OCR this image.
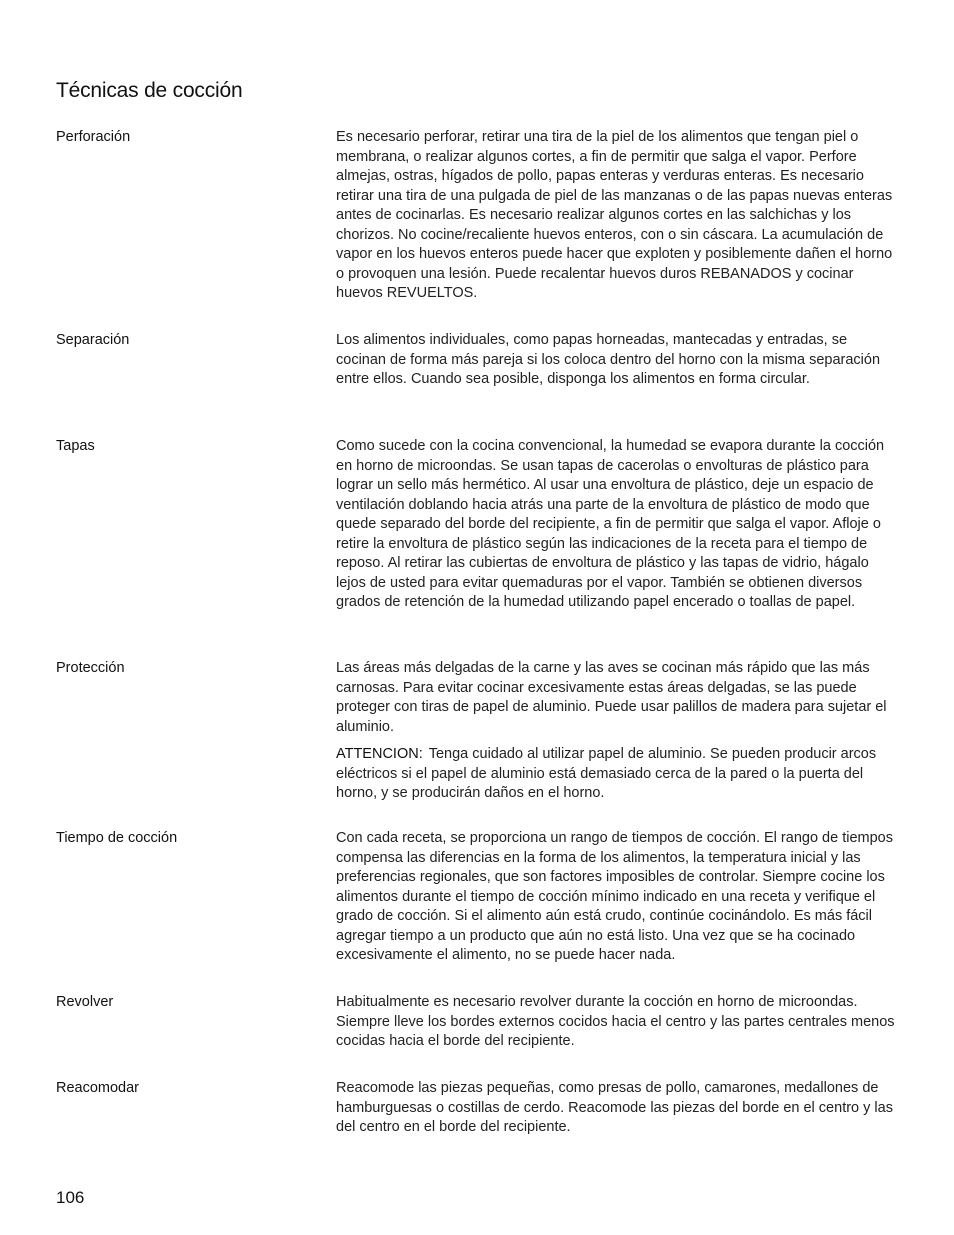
Técnicas de cocción
Perforación	Es necesario perforar, retirar una tira de la piel de los alimentos que tengan piel o membrana, o realizar algunos cortes, a fin de permitir que salga el vapor. Perfore almejas, ostras, hígados de pollo, papas enteras y verduras enteras. Es necesario retirar una tira de una pulgada de piel de las manzanas o de las papas nuevas enteras antes de cocinarlas. Es necesario realizar algunos cortes en las salchichas y los chorizos. No cocine/recaliente huevos enteros, con o sin cáscara. La acumulación de vapor en los huevos enteros puede hacer que exploten y posiblemente dañen el horno o provoquen una lesión. Puede recalentar huevos duros REBANADOS y cocinar huevos REVUELTOS.

Separación	Los alimentos individuales, como papas horneadas, mantecadas y entradas, se cocinan de forma más pareja si los coloca dentro del horno con la misma separación entre ellos. Cuando sea posible, disponga los alimentos en forma circular.

Tapas	Como sucede con la cocina convencional, la humedad se evapora durante la cocción en horno de microondas. Se usan tapas de cacerolas o envolturas de plástico para lograr un sello más hermético. Al usar una envoltura de plástico, deje un espacio de ventilación doblando hacia atrás una parte de la envoltura de plástico de modo que quede separado del borde del recipiente, a fin de permitir que salga el vapor. Afloje o retire la envoltura de plástico según las indicaciones de la receta para el tiempo de reposo. Al retirar las cubiertas de envoltura de plástico y las tapas de vidrio, hágalo lejos de usted para evitar quemaduras por el vapor. También se obtienen diversos grados de retención de la humedad utilizando papel encerado o toallas de papel.

Protección	Las áreas más delgadas de la carne y las aves se cocinan más rápido que las más carnosas. Para evitar cocinar excesivamente estas áreas delgadas, se las puede proteger con tiras de papel de aluminio. Puede usar palillos de madera para sujetar el aluminio.

ATTENCION: Tenga cuidado al utilizar papel de aluminio. Se pueden producir arcos eléctricos si el papel de aluminio está demasiado cerca de la pared o la puerta del horno, y se producirán daños en el horno.

Tiempo de cocción	Con cada receta, se proporciona un rango de tiempos de cocción. El rango de tiempos compensa las diferencias en la forma de los alimentos, la temperatura inicial y las preferencias regionales, que son factores imposibles de controlar. Siempre cocine los alimentos durante el tiempo de cocción mínimo indicado en una receta y verifique el grado de cocción. Si el alimento aún está crudo, continúe cocinándolo. Es más fácil agregar tiempo a un producto que aún no está listo. Una vez que se ha cocinado excesivamente el alimento, no se puede hacer nada.

Revolver	Habitualmente es necesario revolver durante la cocción en horno de microondas. Siempre lleve los bordes externos cocidos hacia el centro y las partes centrales menos cocidas hacia el borde del recipiente.

Reacomodar	Reacomode las piezas pequeñas, como presas de pollo, camarones, medallones de hamburguesas o costillas de cerdo. Reacomode las piezas del borde en el centro y las del centro en el borde del recipiente.

106
